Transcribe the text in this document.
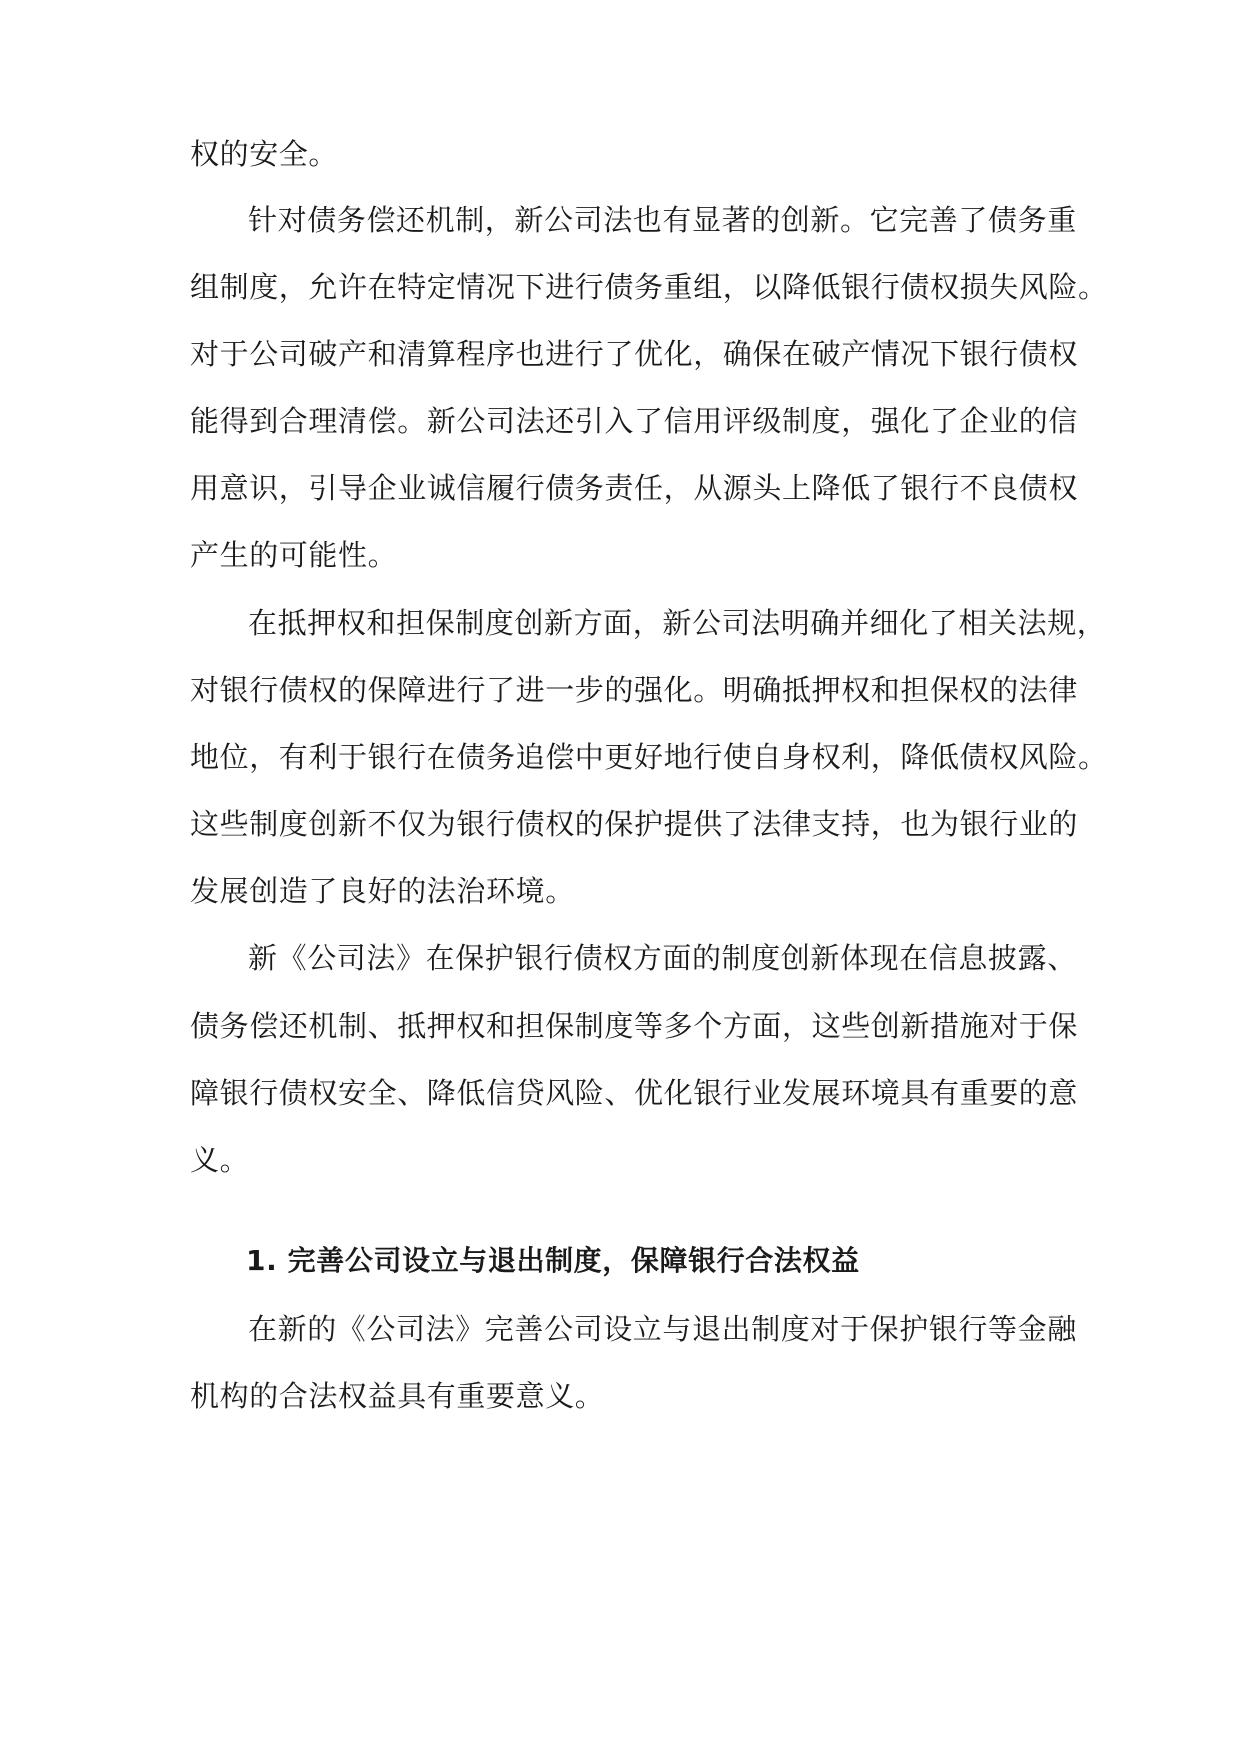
权的安全。
针对债务偿还机制，新公司法也有显著的创新。它完善了债务重
组制度，允许在特定情况下进行债务重组，以降低银行债权损失风险。
对于公司破产和清算程序也进行了优化，确保在破产情况下银行债权
能得到合理清偿。新公司法还引入了信用评级制度，强化了企业的信
用意识，引导企业诚信履行债务责任，从源头上降低了银行不良债权
产生的可能性。
在抵押权和担保制度创新方面，新公司法明确并细化了相关法规，
对银行债权的保障进行了进一步的强化。明确抵押权和担保权的法律
地位，有利于银行在债务追偿中更好地行使自身权利，降低债权风险。
这些制度创新不仅为银行债权的保护提供了法律支持，也为银行业的
发展创造了良好的法治环境。
新《公司法》在保护银行债权方面的制度创新体现在信息披露、
债务偿还机制、抵押权和担保制度等多个方面，这些创新措施对于保
障银行债权安全、降低信贷风险、优化银行业发展环境具有重要的意
义。
1. 完善公司设立与退出制度，保障银行合法权益
在新的《公司法》完善公司设立与退出制度对于保护银行等金融
机构的合法权益具有重要意义。
